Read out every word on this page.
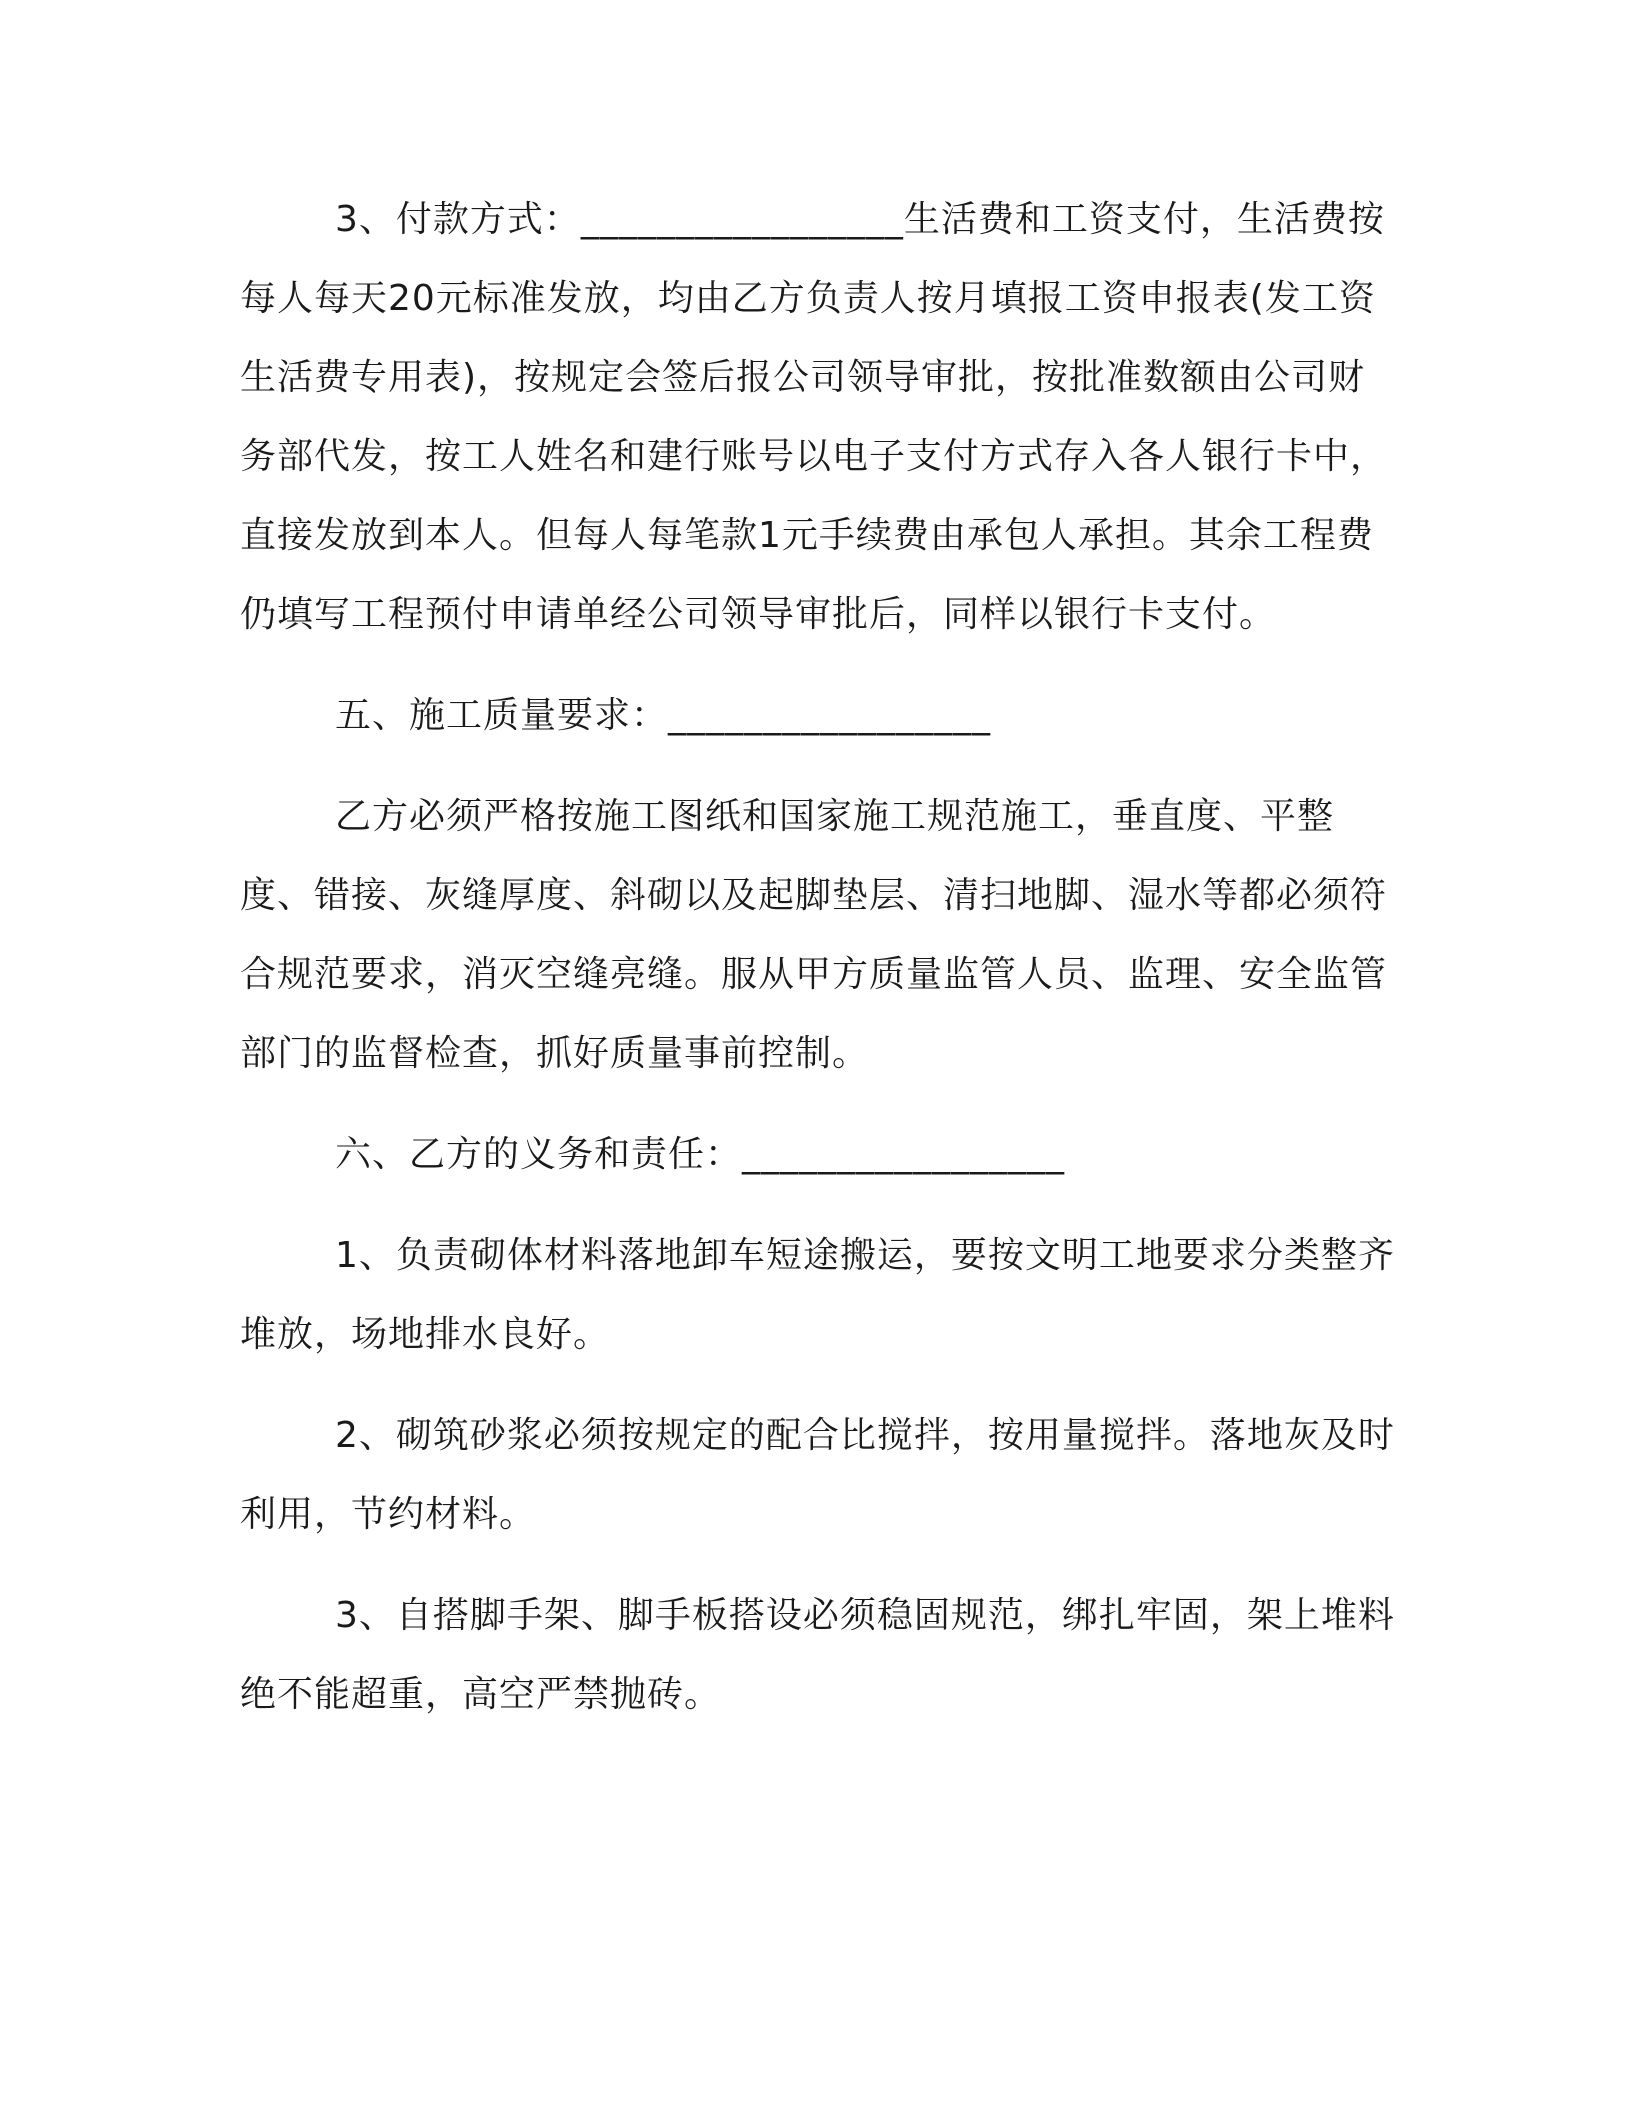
3、付款方式：_________________生活费和工资支付，生活费按每人每天20元标准发放，均由乙方负责人按月填报工资申报表(发工资生活费专用表)，按规定会签后报公司领导审批，按批准数额由公司财务部代发，按工人姓名和建行账号以电子支付方式存入各人银行卡中，直接发放到本人。但每人每笔款1元手续费由承包人承担。其余工程费仍填写工程预付申请单经公司领导审批后，同样以银行卡支付。

五、施工质量要求：_________________

乙方必须严格按施工图纸和国家施工规范施工，垂直度、平整度、错接、灰缝厚度、斜砌以及起脚垫层、清扫地脚、湿水等都必须符合规范要求，消灭空缝亮缝。服从甲方质量监管人员、监理、安全监管部门的监督检查，抓好质量事前控制。

六、乙方的义务和责任：_________________

1、负责砌体材料落地卸车短途搬运，要按文明工地要求分类整齐堆放，场地排水良好。

2、砌筑砂浆必须按规定的配合比搅拌，按用量搅拌。落地灰及时利用，节约材料。

3、自搭脚手架、脚手板搭设必须稳固规范，绑扎牢固，架上堆料绝不能超重，高空严禁抛砖。
